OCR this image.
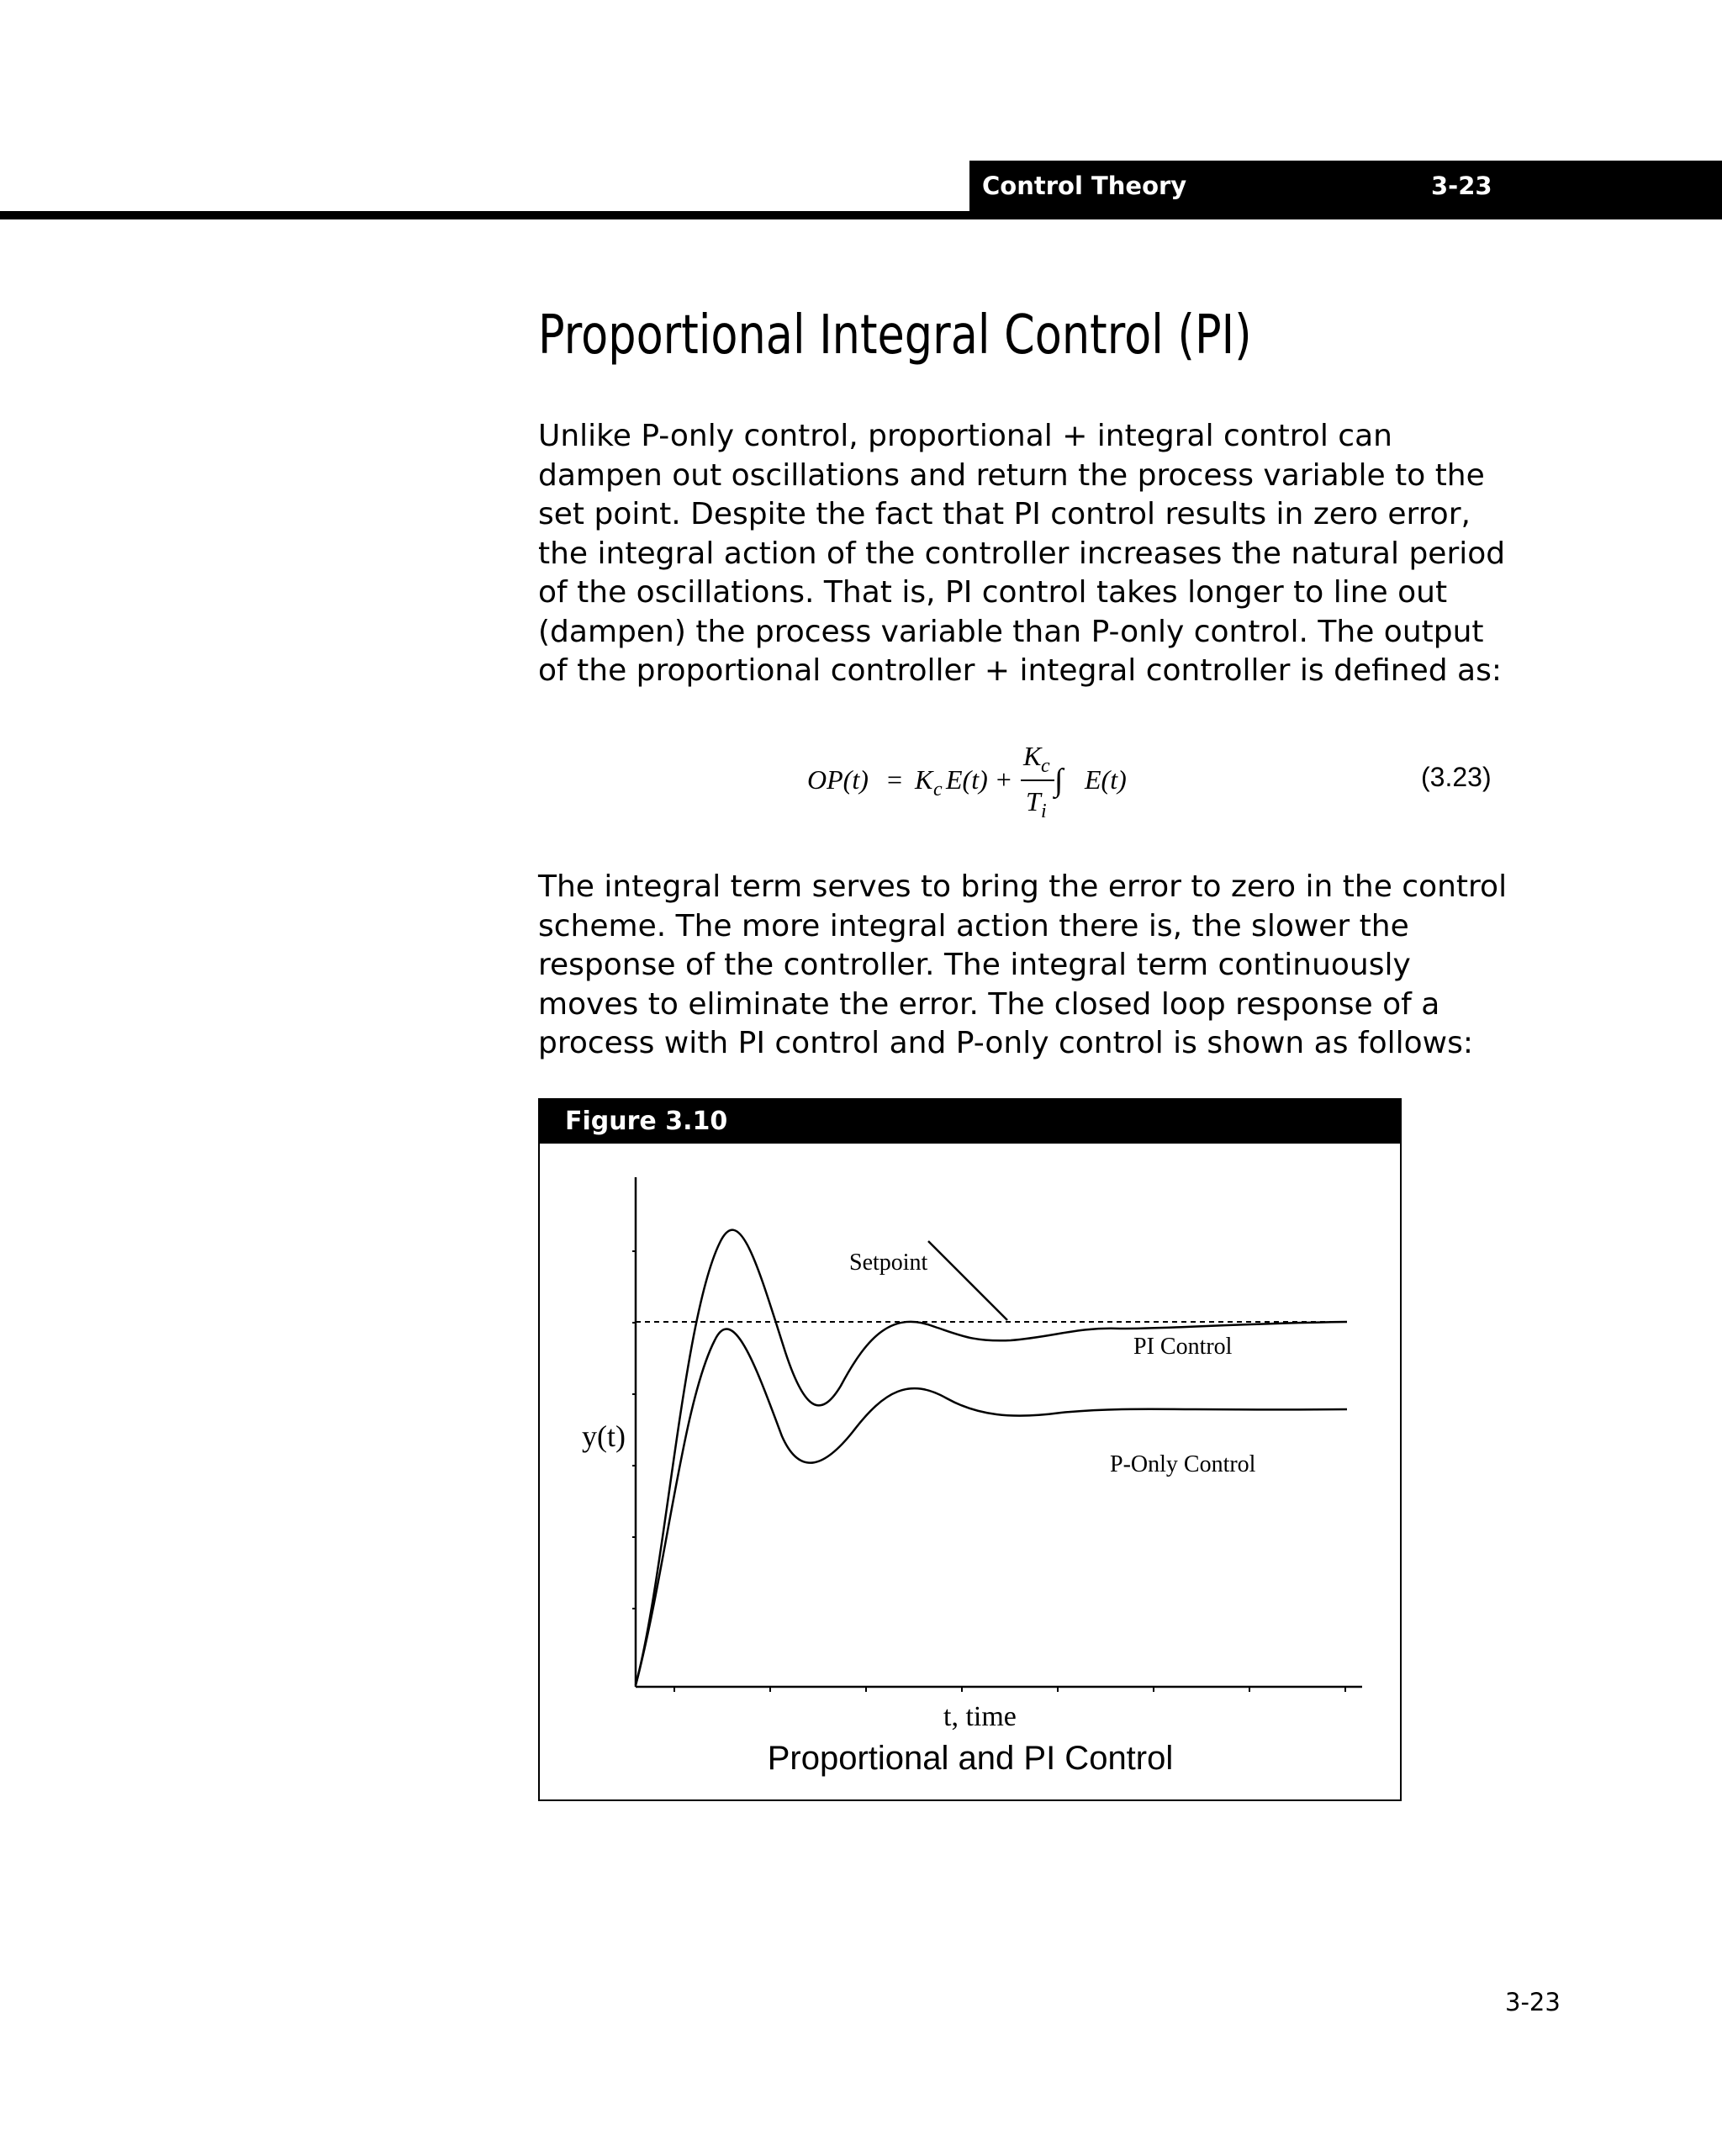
Control Theory	3-23
Proportional Integral Control (PI)

Unlike P-only control, proportional + integral control can dampen out oscillations and return the process variable to the set point. Despite the fact that PI control results in zero error, the integral action of the controller increases the natural period of the oscillations. That is, PI control takes longer to line out (dampen) the process variable than P-only control. The output of the proportional controller + integral controller is defined as:

OP(t) = K c E(t) +
K c
T i
∫ E(t)	(3.23)

The integral term serves to bring the error to zero in the control scheme. The more integral action there is, the slower the response of the controller. The integral term continuously moves to eliminate the error. The closed loop response of a process with PI control and P-only control is shown as follows:

Figure 3.10
Setpoint
PI Control
P-Only Control
y(t)
t, time
Proportional and PI Control
3-23
